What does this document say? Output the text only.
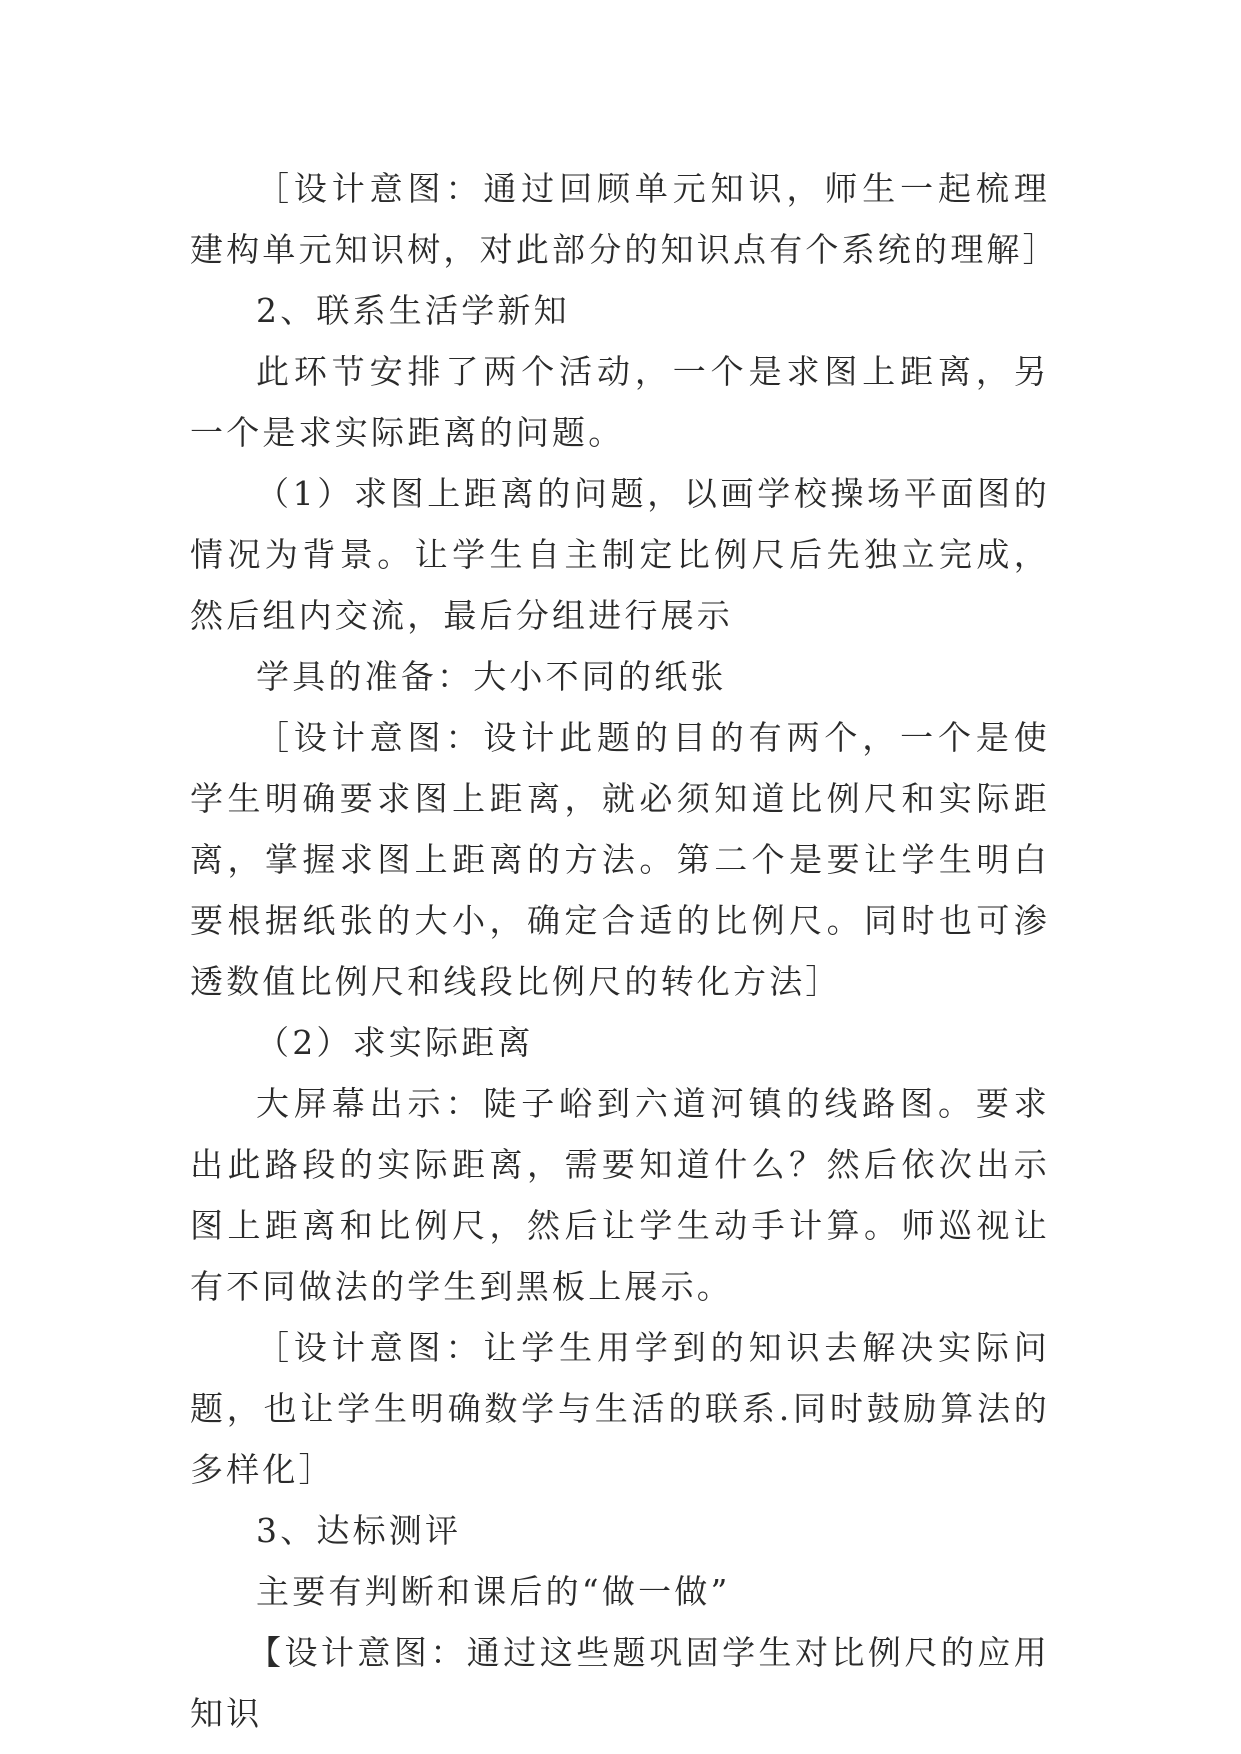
［设计意图：通过回顾单元知识，师生一起梳理建构单元知识树，对此部分的知识点有个系统的理解］

2、联系生活学新知

此环节安排了两个活动，一个是求图上距离，另一个是求实际距离的问题。

（1）求图上距离的问题，以画学校操场平面图的情况为背景。让学生自主制定比例尺后先独立完成，然后组内交流，最后分组进行展示

学具的准备：大小不同的纸张

［设计意图：设计此题的目的有两个，一个是使学生明确要求图上距离，就必须知道比例尺和实际距离，掌握求图上距离的方法。第二个是要让学生明白要根据纸张的大小，确定合适的比例尺。同时也可渗透数值比例尺和线段比例尺的转化方法］

（2）求实际距离

大屏幕出示：陡子峪到六道河镇的线路图。要求出此路段的实际距离，需要知道什么？然后依次出示图上距离和比例尺，然后让学生动手计算。师巡视让有不同做法的学生到黑板上展示。

［设计意图：让学生用学到的知识去解决实际问题，也让学生明确数学与生活的联系.同时鼓励算法的多样化］

3、达标测评

主要有判断和课后的“做一做”

【设计意图：通过这些题巩固学生对比例尺的应用知识
